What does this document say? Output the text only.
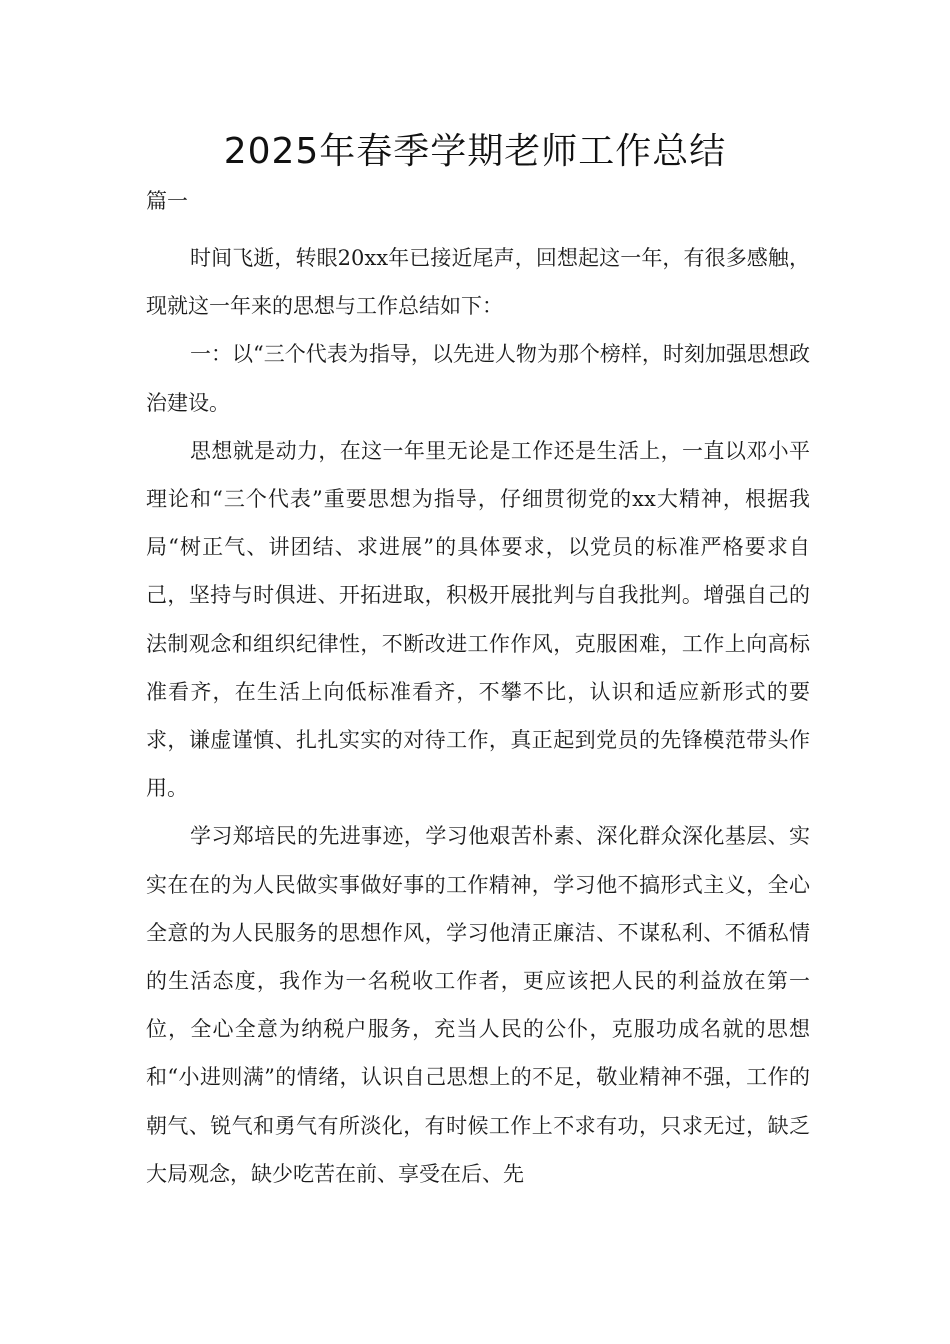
2025年春季学期老师工作总结
篇一

时间飞逝，转眼20xx年已接近尾声，回想起这一年，有很多感触，现就这一年来的思想与工作总结如下：

一：以“三个代表为指导，以先进人物为那个榜样，时刻加强思想政治建设。

思想就是动力，在这一年里无论是工作还是生活上，一直以邓小平理论和“三个代表”重要思想为指导，仔细贯彻党的xx大精神，根据我局“树正气、讲团结、求进展”的具体要求，以党员的标准严格要求自己，坚持与时俱进、开拓进取，积极开展批判与自我批判。增强自己的法制观念和组织纪律性，不断改进工作作风，克服困难，工作上向高标准看齐，在生活上向低标准看齐，不攀不比，认识和适应新形式的要求，谦虚谨慎、扎扎实实的对待工作，真正起到党员的先锋模范带头作用。

学习郑培民的先进事迹，学习他艰苦朴素、深化群众深化基层、实实在在的为人民做实事做好事的工作精神，学习他不搞形式主义，全心全意的为人民服务的思想作风，学习他清正廉洁、不谋私利、不循私情的生活态度，我作为一名税收工作者，更应该把人民的利益放在第一位，全心全意为纳税户服务，充当人民的公仆，克服功成名就的思想和“小进则满”的情绪，认识自己思想上的不足，敬业精神不强，工作的朝气、锐气和勇气有所淡化，有时候工作上不求有功，只求无过，缺乏大局观念，缺少吃苦在前、享受在后、先
